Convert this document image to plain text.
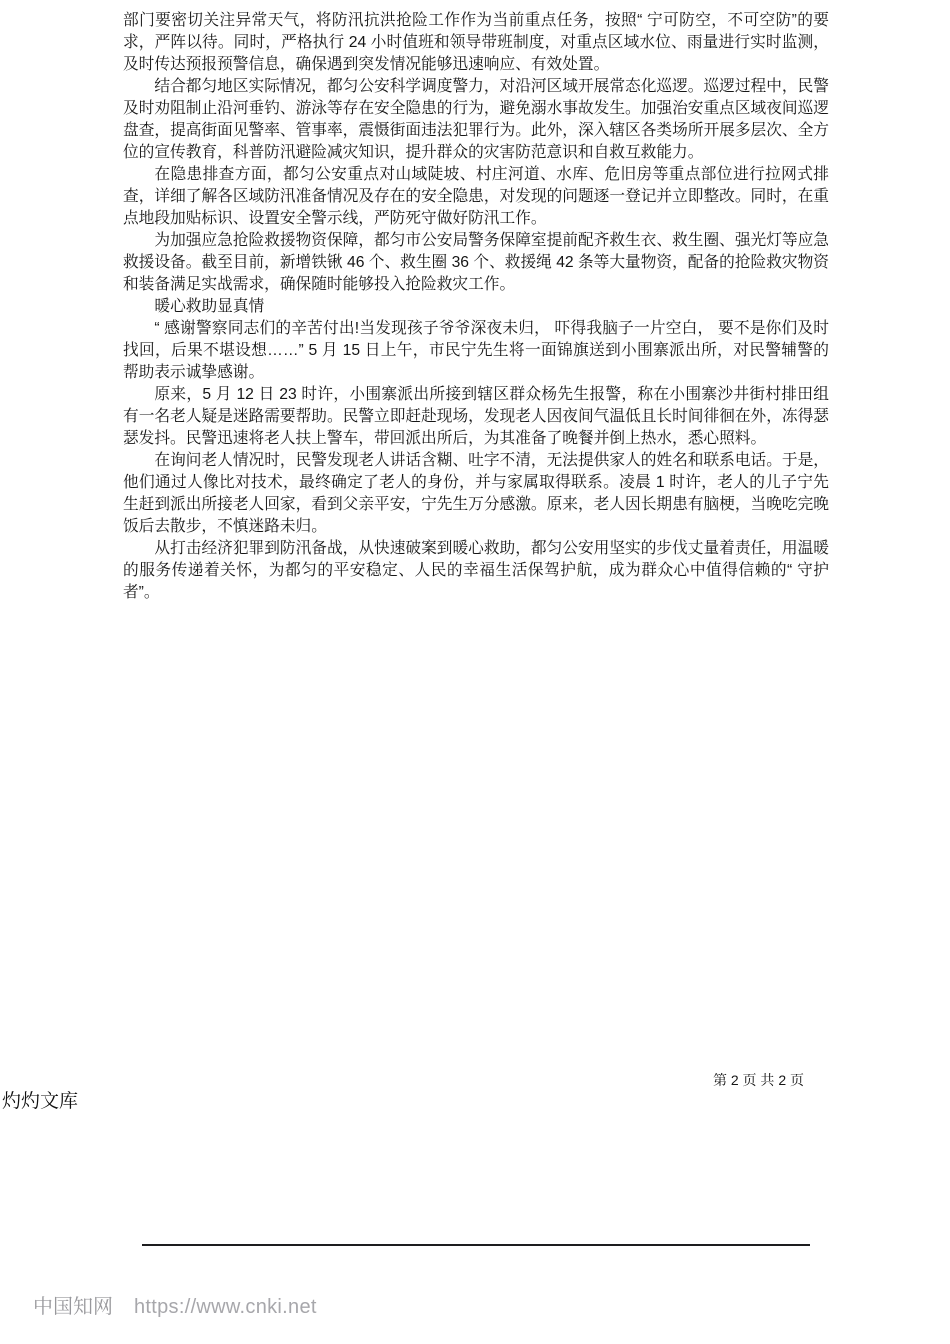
部门要密切关注异常天气，将防汛抗洪抢险工作作为当前重点任务，按照“ 宁可防空，不可空防”的要求，严阵以待。同时，严格执行 24 小时值班和领导带班制度，对重点区域水位、雨量进行实时监测，及时传达预报预警信息，确保遇到突发情况能够迅速响应、有效处置。

结合都匀地区实际情况，都匀公安科学调度警力，对沿河区域开展常态化巡逻。巡逻过程中，民警及时劝阻制止沿河垂钓、游泳等存在安全隐患的行为，避免溺水事故发生。加强治安重点区域夜间巡逻盘查，提高街面见警率、管事率，震慑街面违法犯罪行为。此外，深入辖区各类场所开展多层次、全方位的宣传教育，科普防汛避险减灾知识，提升群众的灾害防范意识和自救互救能力。

在隐患排查方面，都匀公安重点对山域陡坡、村庄河道、水库、危旧房等重点部位进行拉网式排查，详细了解各区域防汛准备情况及存在的安全隐患，对发现的问题逐一登记并立即整改。同时，在重点地段加贴标识、设置安全警示线，严防死守做好防汛工作。

为加强应急抢险救援物资保障，都匀市公安局警务保障室提前配齐救生衣、救生圈、强光灯等应急救援设备。截至目前，新增铁锹 46 个、救生圈 36 个、救援绳 42 条等大量物资，配备的抢险救灾物资和装备满足实战需求，确保随时能够投入抢险救灾工作。

暖心救助显真情

“ 感谢警察同志们的辛苦付出!当发现孩子爷爷深夜未归， 吓得我脑子一片空白， 要不是你们及时找回，后果不堪设想……” 5 月 15 日上午，市民宁先生将一面锦旗送到小围寨派出所，对民警辅警的帮助表示诚挚感谢。

原来，5 月 12 日 23 时许，小围寨派出所接到辖区群众杨先生报警，称在小围寨沙井街村排田组有一名老人疑是迷路需要帮助。民警立即赶赴现场，发现老人因夜间气温低且长时间徘徊在外，冻得瑟瑟发抖。民警迅速将老人扶上警车，带回派出所后，为其准备了晚餐并倒上热水，悉心照料。

在询问老人情况时，民警发现老人讲话含糊、吐字不清，无法提供家人的姓名和联系电话。于是，他们通过人像比对技术，最终确定了老人的身份，并与家属取得联系。凌晨 1 时许，老人的儿子宁先生赶到派出所接老人回家，看到父亲平安，宁先生万分感激。原来，老人因长期患有脑梗，当晚吃完晚饭后去散步，不慎迷路未归。

从打击经济犯罪到防汛备战，从快速破案到暖心救助，都匀公安用坚实的步伐丈量着责任，用温暖的服务传递着关怀，为都匀的平安稳定、人民的幸福生活保驾护航，成为群众心中值得信赖的“ 守护者”。

第 2 页 共 2 页
灼灼文库
中国知网 https://www.cnki.net
